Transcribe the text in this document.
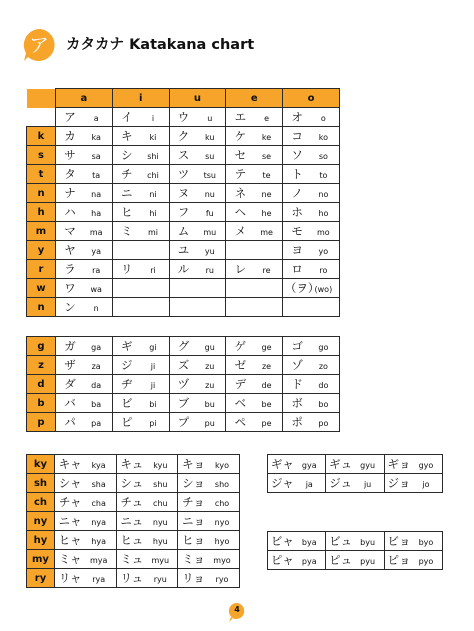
ア カタカナ Katakana chart
	a	i	u	e	o
	ア a	イ i	ウ u	エ e	オ o
k	カ ka	キ ki	ク ku	ケ ke	コ ko
s	サ sa	シ shi	ス su	セ se	ソ so
t	タ ta	チ chi	ツ tsu	テ te	ト to
n	ナ na	ニ ni	ヌ nu	ネ ne	ノ no
h	ハ ha	ヒ hi	フ fu	ヘ he	ホ ho
m	マ ma	ミ mi	ム mu	メ me	モ mo
y	ヤ ya		ユ yu		ヨ yo
r	ラ ra	リ ri	ル ru	レ re	ロ ro
w	ワ wa				（ヲ）(wo)
n	ン n				
g	ガ ga	ギ gi	グ gu	ゲ ge	ゴ go
z	ザ za	ジ ji	ズ zu	ゼ ze	ゾ zo
d	ダ da	ヂ ji	ヅ zu	デ de	ド do
b	バ ba	ビ bi	ブ bu	ベ be	ボ bo
p	パ pa	ピ pi	プ pu	ペ pe	ポ po
ky	キャ kya	キュ kyu	キョ kyo
sh	シャ sha	シュ shu	ショ sho
ch	チャ cha	チュ chu	チョ cho
ny	ニャ nya	ニュ nyu	ニョ nyo
hy	ヒャ hya	ヒュ hyu	ヒョ hyo
my	ミャ mya	ミュ myu	ミョ myo
ry	リャ rya	リュ ryu	リョ ryo
ギャ gya	ギュ gyu	ギョ gyo
ジャ ja	ジュ ju	ジョ jo
ビャ bya	ビュ byu	ビョ byo
ピャ pya	ピュ pyu	ピョ pyo
4
